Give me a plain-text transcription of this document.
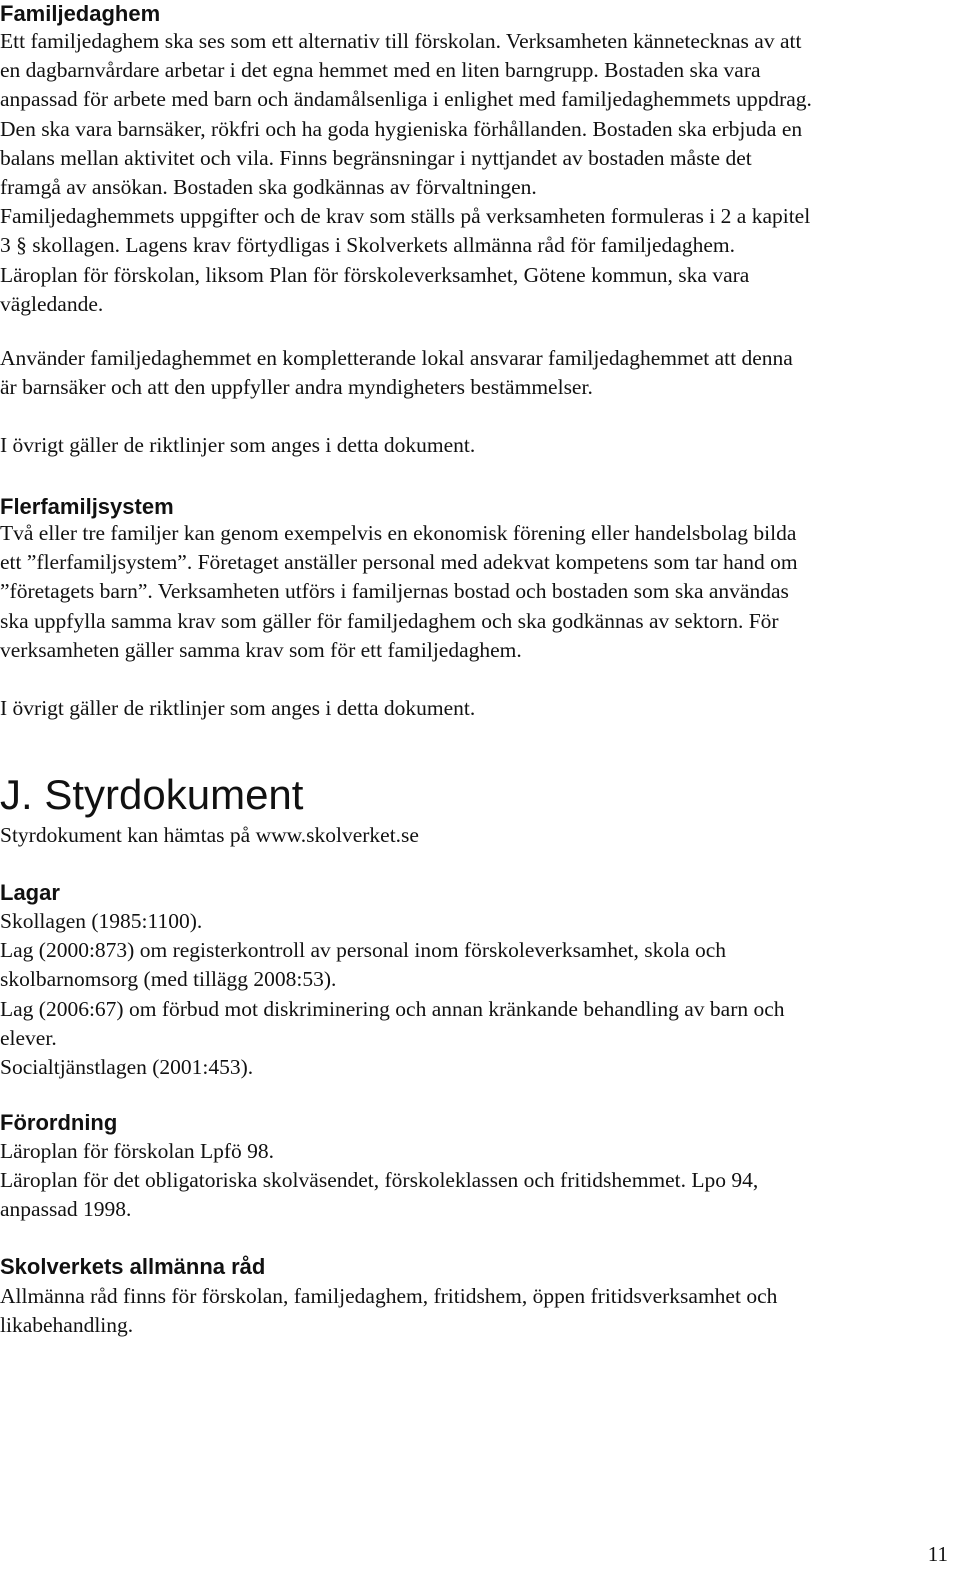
Familjedaghem
Ett familjedaghem ska ses som ett alternativ till förskolan. Verksamheten kännetecknas av att
en dagbarnvårdare arbetar i det egna hemmet med en liten barngrupp. Bostaden ska vara
anpassad för arbete med barn och ändamålsenliga i enlighet med familjedaghemmets uppdrag.
Den ska vara barnsäker, rökfri och ha goda hygieniska förhållanden. Bostaden ska erbjuda en
balans mellan aktivitet och vila. Finns begränsningar i nyttjandet av bostaden måste det
framgå av ansökan. Bostaden ska godkännas av förvaltningen.
Familjedaghemmets uppgifter och de krav som ställs på verksamheten formuleras i 2 a kapitel
3 § skollagen. Lagens krav förtydligas i Skolverkets allmänna råd för familjedaghem.
Läroplan för förskolan, liksom Plan för förskoleverksamhet, Götene kommun, ska vara
vägledande.
Använder familjedaghemmet en kompletterande lokal ansvarar familjedaghemmet att denna
är barnsäker och att den uppfyller andra myndigheters bestämmelser.
I övrigt gäller de riktlinjer som anges i detta dokument.
Flerfamiljsystem
Två eller tre familjer kan genom exempelvis en ekonomisk förening eller handelsbolag bilda
ett ”flerfamiljsystem”. Företaget anställer personal med adekvat kompetens som tar hand om
”företagets barn”. Verksamheten utförs i familjernas bostad och bostaden som ska användas
ska uppfylla samma krav som gäller för familjedaghem och ska godkännas av sektorn. För
verksamheten gäller samma krav som för ett familjedaghem.
I övrigt gäller de riktlinjer som anges i detta dokument.
J. Styrdokument
Styrdokument kan hämtas på www.skolverket.se
Lagar
Skollagen (1985:1100).
Lag (2000:873) om registerkontroll av personal inom förskoleverksamhet, skola och
skolbarnomsorg (med tillägg 2008:53).
Lag (2006:67) om förbud mot diskriminering och annan kränkande behandling av barn och
elever.
Socialtjänstlagen (2001:453).
Förordning
Läroplan för förskolan Lpfö 98.
Läroplan för det obligatoriska skolväsendet, förskoleklassen och fritidshemmet. Lpo 94,
anpassad 1998.
Skolverkets allmänna råd
Allmänna råd finns för förskolan, familjedaghem, fritidshem, öppen fritidsverksamhet och
likabehandling.
11
